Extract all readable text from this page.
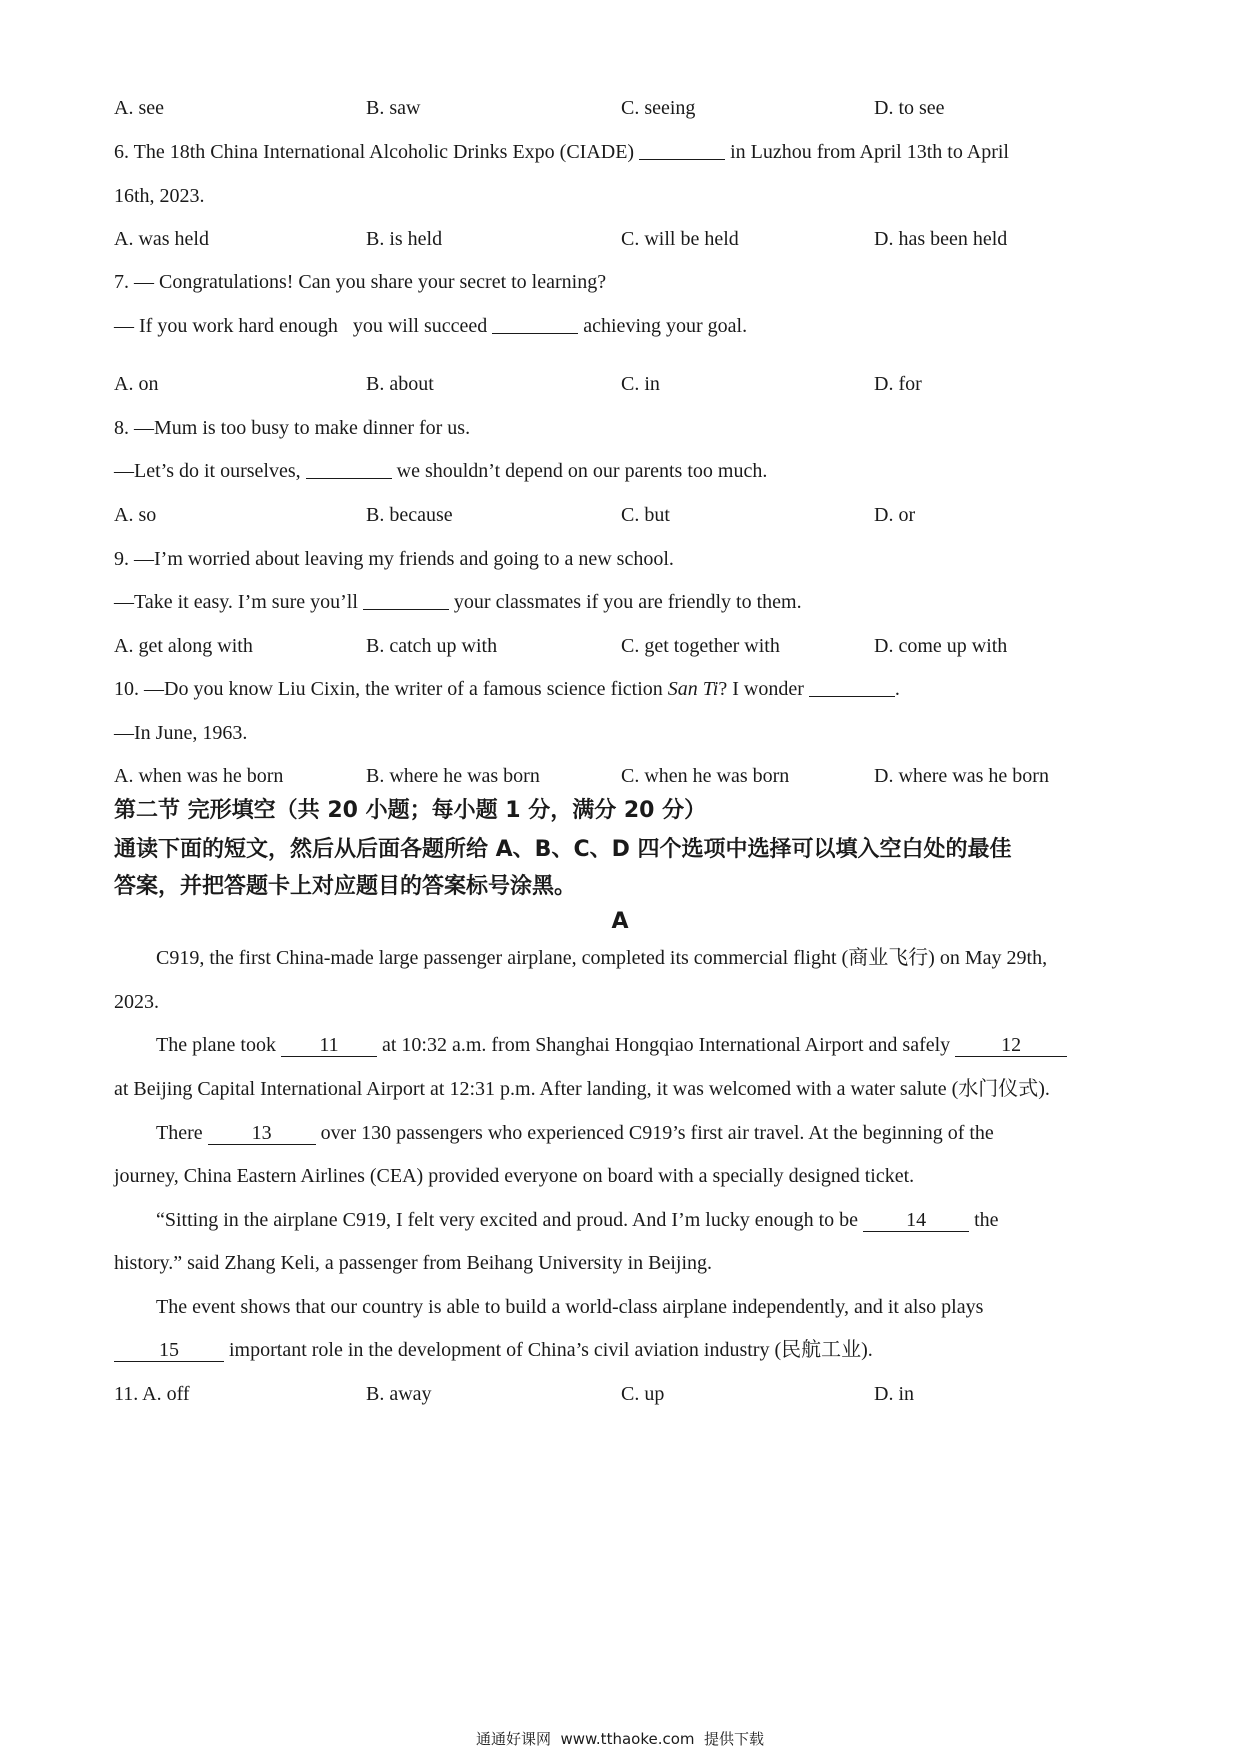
A. see	B. saw	C. seeing	D. to see
6. The 18th China International Alcoholic Drinks Expo (CIADE)	in Luzhou from April 13th to April
16th, 2023.
A. was held	B. is held	C. will be held	D. has been held
7. — Congratulations! Can you share your secret to learning?
— If you work hard enough   you will succeed	achieving your goal.
A. on	B. about	C. in	D. for
8. —Mum is too busy to make dinner for us.
—Let’s do it ourselves,	we shouldn’t depend on our parents too much.
A. so	B. because	C. but	D. or
9. —I’m worried about leaving my friends and going to a new school.
—Take it easy. I’m sure you’ll	your classmates if you are friendly to them.
A. get along with	B. catch up with	C. get together with	D. come up with
10. —Do you know Liu Cixin, the writer of a famous science fiction San Ti? I wonder	.
—In June, 1963.
A. when was he born	B. where he was born	C. when he was born	D. where was he born
第二节 完形填空（共 20 小题；每小题 1 分，满分 20 分）
通读下面的短文，然后从后面各题所给 A、B、C、D 四个选项中选择可以填入空白处的最佳
答案，并把答题卡上对应题目的答案标号涂黑。
A
C919, the first China-made large passenger airplane, completed its commercial flight (商业飞行) on May 29th,
2023.
The plane took 11 at 10:32 a.m. from Shanghai Hongqiao International Airport and safely	12
at Beijing Capital International Airport at 12:31 p.m. After landing, it was welcomed with a water salute (水门仪式).
There 13 over 130 passengers who experienced C919’s first air travel. At the beginning of the
journey, China Eastern Airlines (CEA) provided everyone on board with a specially designed ticket.
“Sitting in the airplane C919, I felt very excited and proud. And I’m lucky enough to be 14 the
history.” said Zhang Keli, a passenger from Beihang University in Beijing.
The event shows that our country is able to build a world-class airplane independently, and it also plays
15	important role in the development of China’s civil aviation industry (民航工业).
11. A. off	B. away	C. up	D. in
通通好课网  www.tthaoke.com  提供下载
